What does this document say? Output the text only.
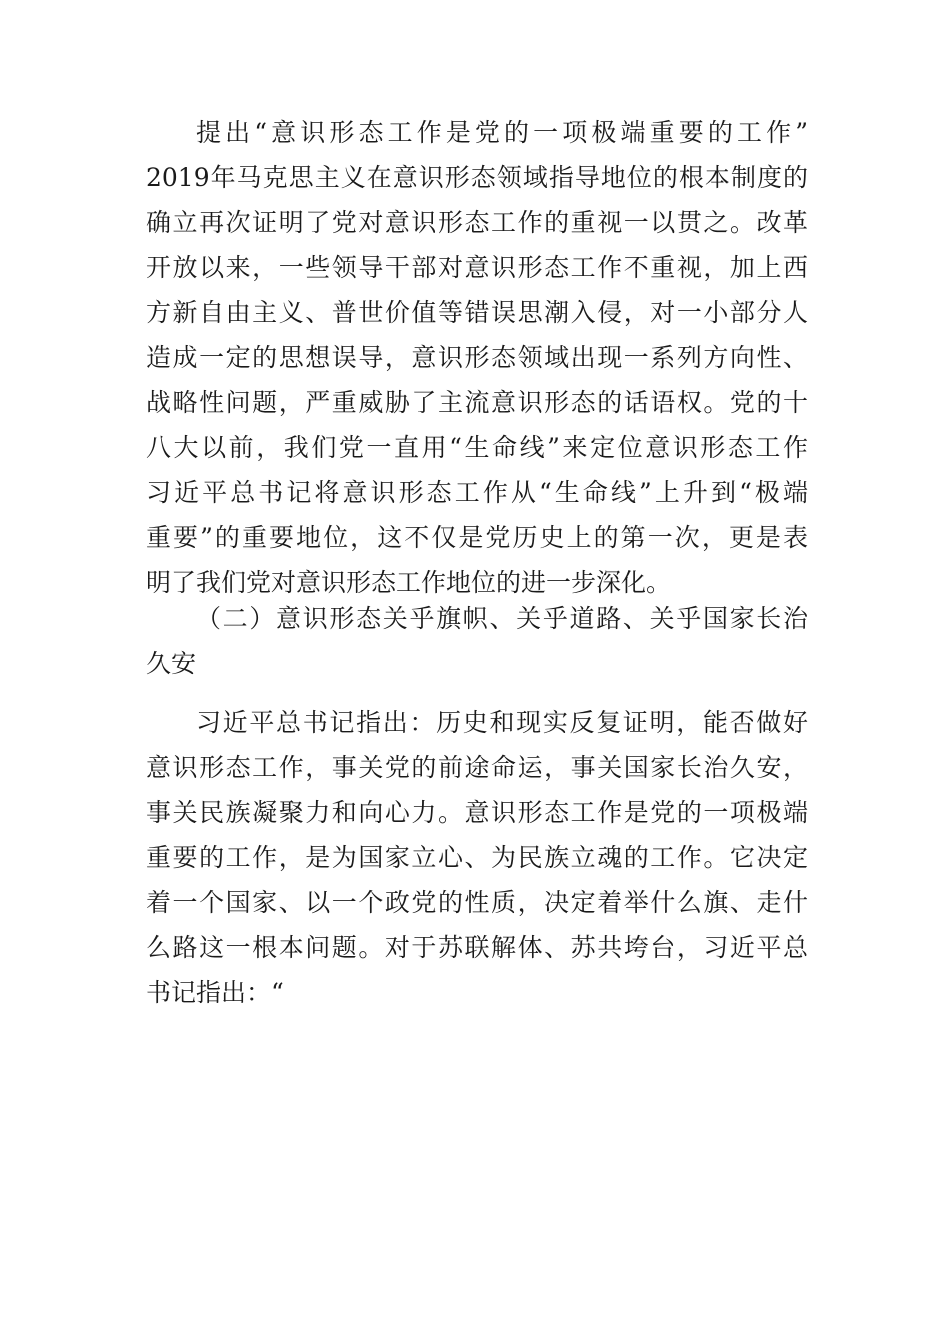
提出“意识形态工作是党的一项极端重要的工作”
2019年马克思主义在意识形态领域指导地位的根本制度的
确立再次证明了党对意识形态工作的重视一以贯之。改革
开放以来，一些领导干部对意识形态工作不重视，加上西
方新自由主义、普世价值等错误思潮入侵，对一小部分人
造成一定的思想误导，意识形态领域出现一系列方向性、
战略性问题，严重威胁了主流意识形态的话语权。党的十
八大以前，我们党一直用“生命线”来定位意识形态工作
习近平总书记将意识形态工作从“生命线”上升到“极端
重要”的重要地位，这不仅是党历史上的第一次，更是表
明了我们党对意识形态工作地位的进一步深化。
（二）意识形态关乎旗帜、关乎道路、关乎国家长治
久安
习近平总书记指出：历史和现实反复证明，能否做好
意识形态工作，事关党的前途命运，事关国家长治久安，
事关民族凝聚力和向心力。意识形态工作是党的一项极端
重要的工作，是为国家立心、为民族立魂的工作。它决定
着一个国家、以一个政党的性质，决定着举什么旗、走什
么路这一根本问题。对于苏联解体、苏共垮台，习近平总
书记指出：“
